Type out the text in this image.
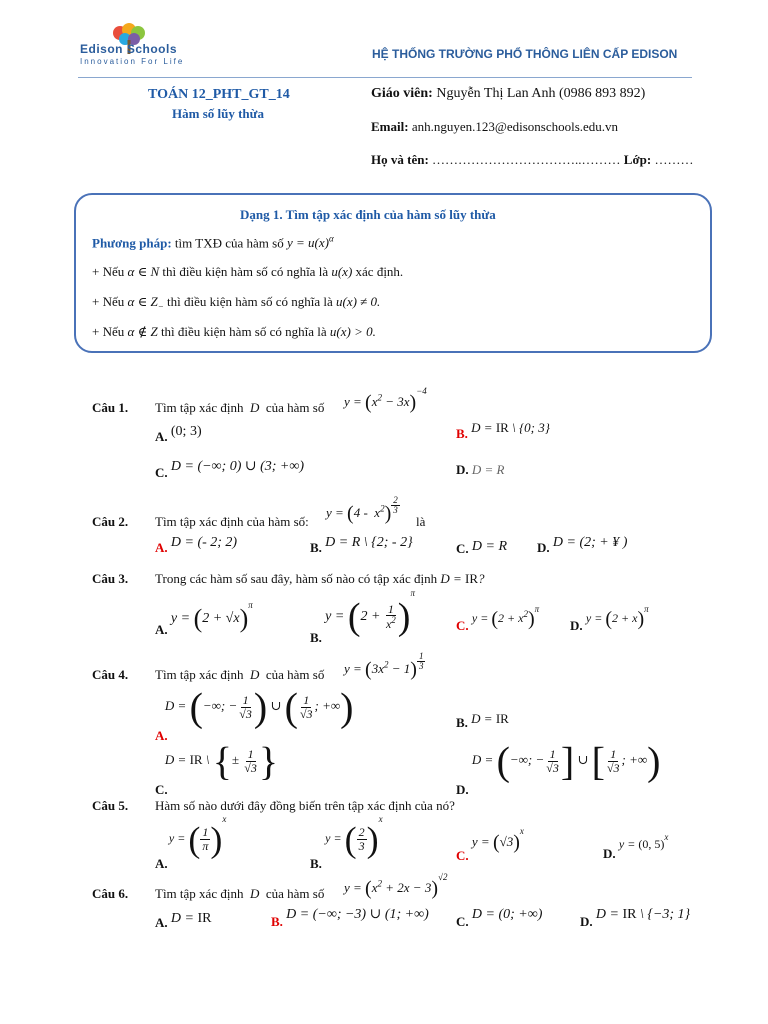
Edison Schools
Innovation For Life
HỆ THỐNG TRƯỜNG PHỔ THÔNG LIÊN CẤP EDISON
TOÁN 12_PHT_GT_14
Hàm số lũy thừa
Giáo viên: Nguyễn Thị Lan Anh (0986 893 892)
Email: anh.nguyen.123@edisonschools.edu.vn
Họ và tên: ……………………………..……… Lớp: ………
Dạng 1. Tìm tập xác định của hàm số lũy thừa
Phương pháp: tìm TXĐ của hàm số $y = u(x)^\alpha$
+ Nếu α ∈ N thì điều kiện hàm số có nghĩa là u(x) xác định.
+ Nếu α ∈ $Z_-$ thì điều kiện hàm số có nghĩa là u(x) ≠ 0.
+ Nếu α ∉ Z thì điều kiện hàm số có nghĩa là u(x) > 0.
Câu 1. Tìm tập xác định  D  của hàm số $y = (x^2 - 3x)^{-4}$
A. (0; 3)	B. D = IR \ {0; 3}
C. D = (−∞; 0) ∪ (3; +∞)	D. D = R
Câu 2. Tìm tập xác định của hàm số:
$y = (4 - x^2) \frac{2}{3}$
là
A. D = (- 2; 2)	B. D = R \ {2; - 2}	C. D = R D. D = (2; + ¥ )
Câu 3. Trong các hàm số sau đây, hàm số nào có tập xác định D = IR?
A. $y = (2 + √x)^\pi$
B. $y = (2 + \frac{1}{x^2} )^\pi$
C. $y = (2 + x^2)^\pi$
D. $y = (2 + x)^\pi$
Câu 4. Tìm tập xác định  D  của hàm số $y = (3x^2 - 1) \frac{1}{3}$
A. D = (−∞; − $\frac{1}{√3}$ ) ∪ ( $\frac{1}{√3}$ ; +∞)	B. D = IR
C. D = IR \ {± $\frac{1}{√3}$ }
D. D = (−∞; − $\frac{1}{√3}$ ] ∪ [ $\frac{1}{√3}$ ; +∞)
Câu 5. Hàm số nào dưới đây đồng biến trên tập xác định của nó?
A. y = ( $\frac{1}{\pi} )^x$
B. y = ( $\frac{2}{3} )^x$
C. $y = (√3)^x$
D. y = (0, 5)$^x$
Câu 6. Tìm tập xác định  D  của hàm số $y = (x^2 + 2x - 3)^{√2}$
A. D = IR	B. D = (−∞; −3) ∪ (1; +∞) C. D = (0; +∞)	D. D = IR \ {−3; 1}
